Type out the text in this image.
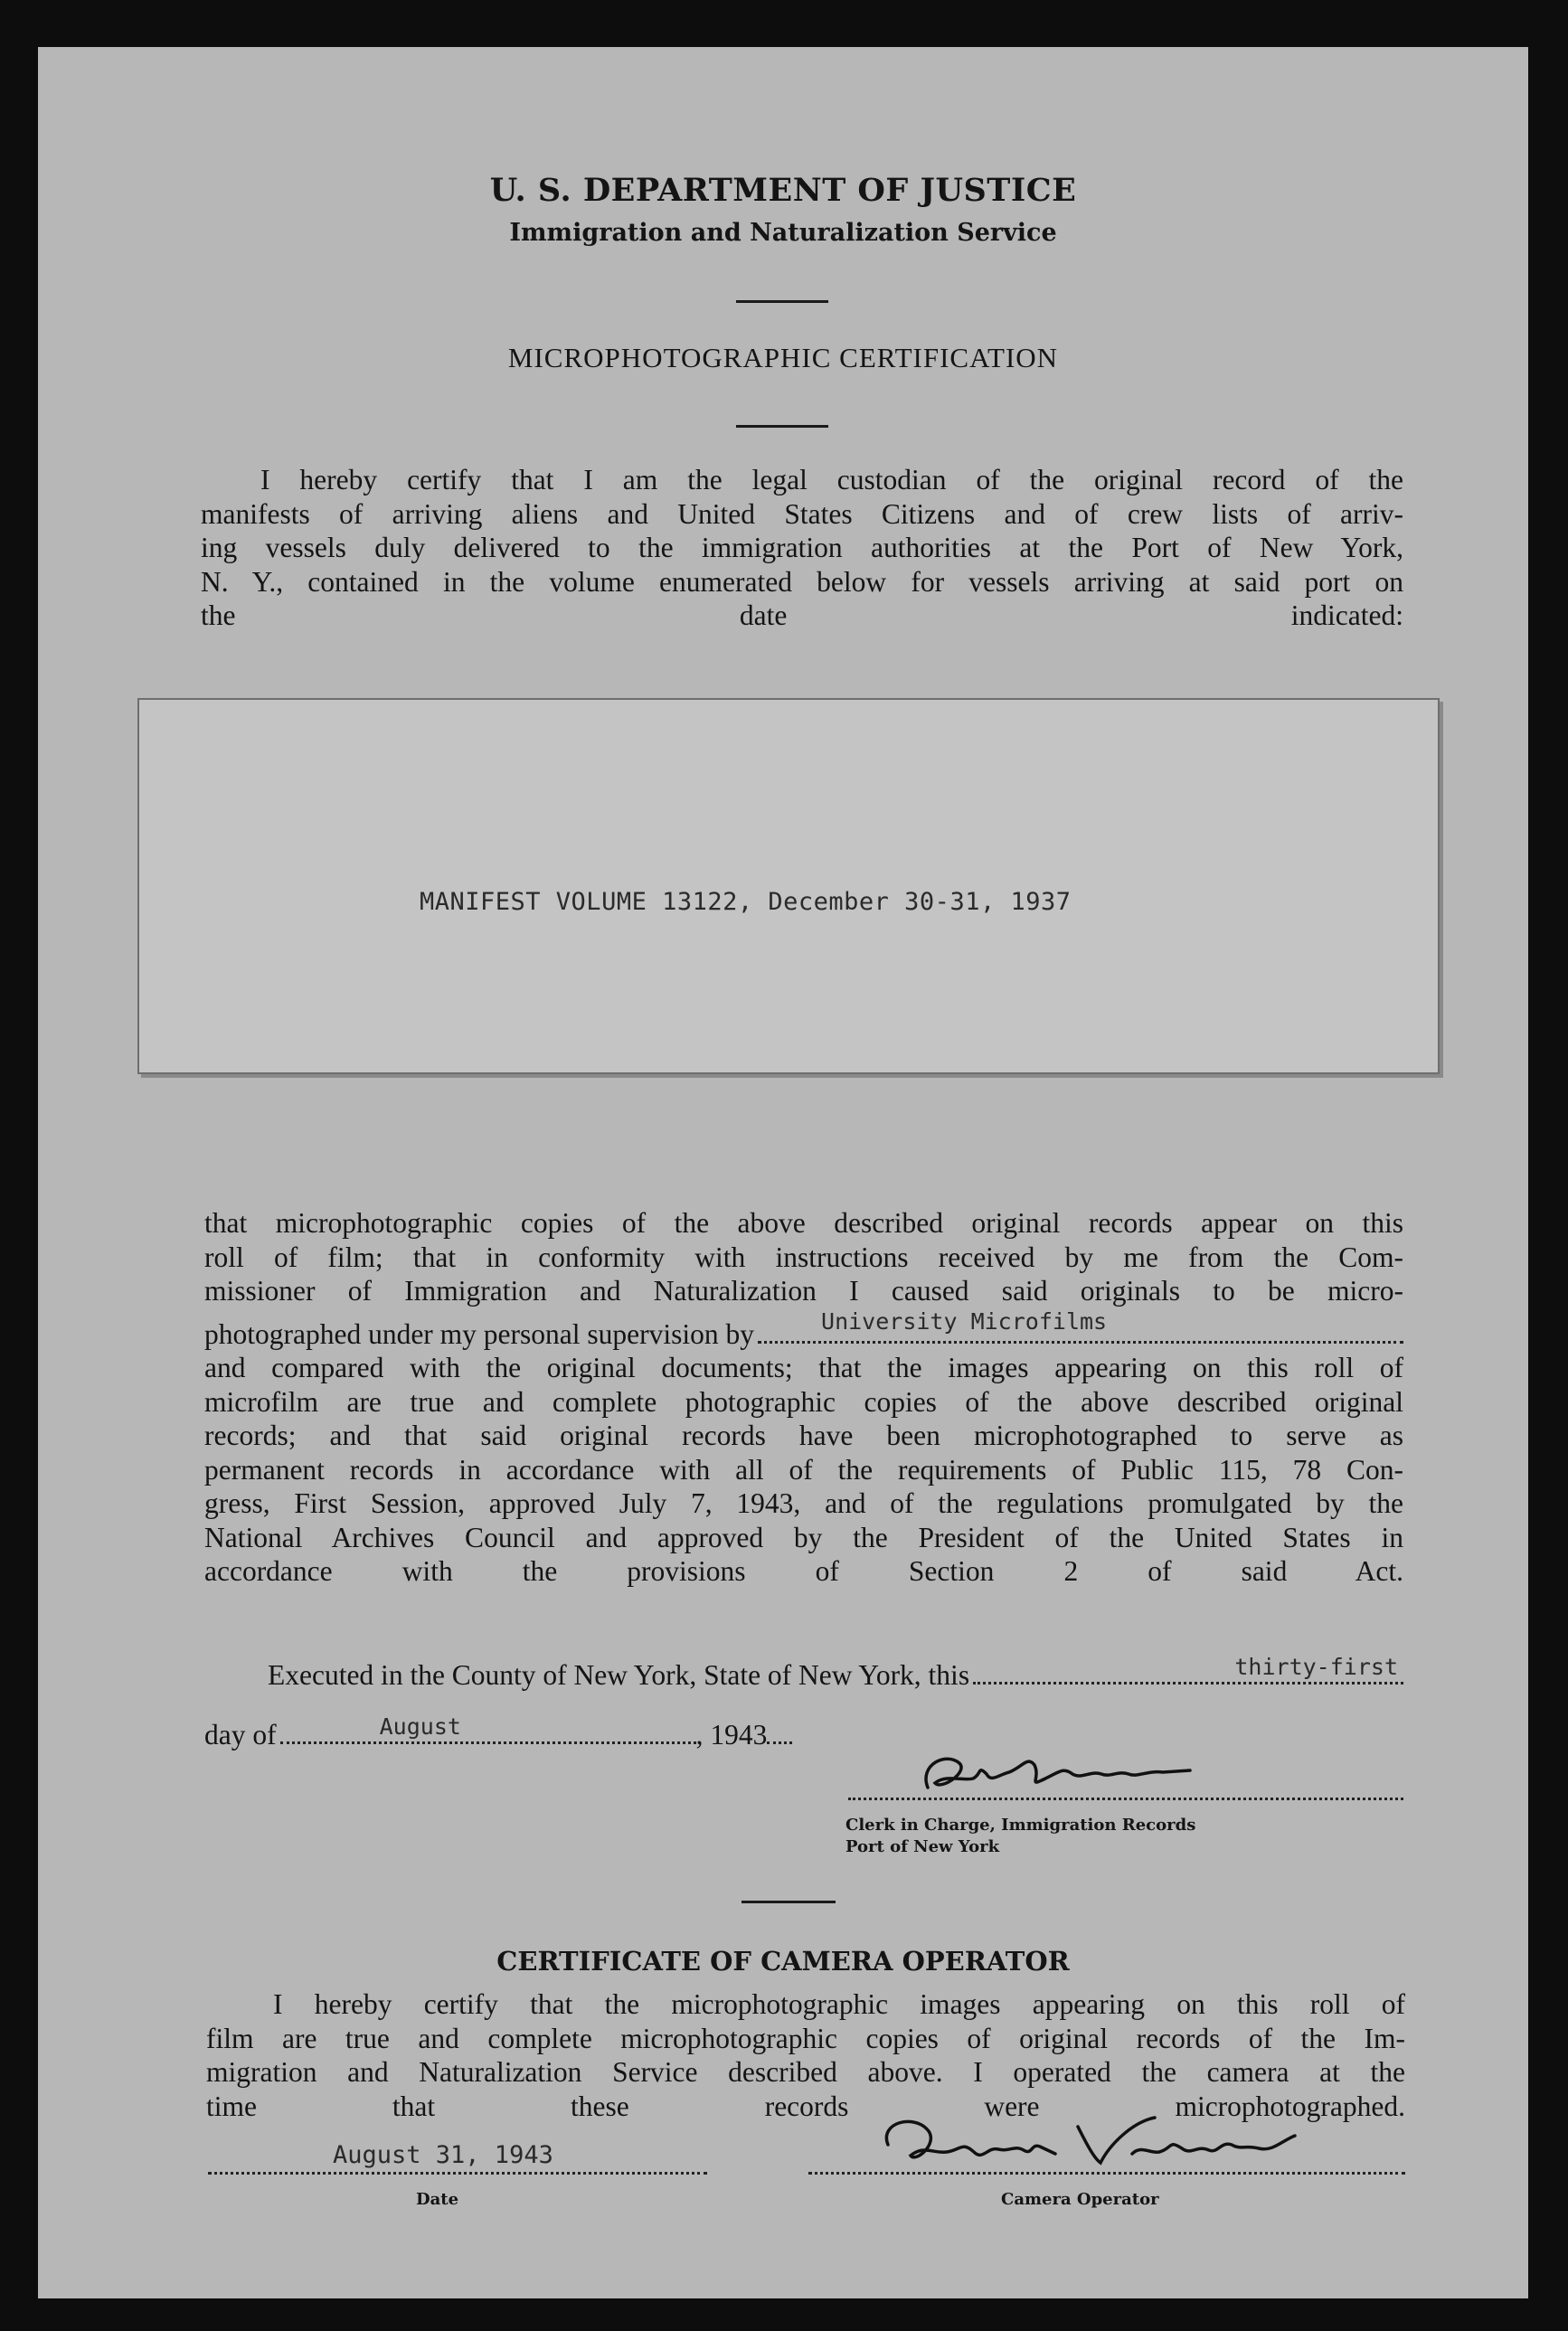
U. S. DEPARTMENT OF JUSTICE
Immigration and Naturalization Service
MICROPHOTOGRAPHIC CERTIFICATION
I hereby certify that I am the legal custodian of the original record of the
manifests of arriving aliens and United States Citizens and of crew lists of arriv-
ing vessels duly delivered to the immigration authorities at the Port of New York,
N. Y., contained in the volume enumerated below for vessels arriving at said port on
the date indicated:
MANIFEST VOLUME 13122, December 30-31, 1937
that microphotographic copies of the above described original records appear on this
roll of film; that in conformity with instructions received by me from the Com-
missioner of Immigration and Naturalization I caused said originals to be micro-
photographed under my personal supervision by	University Microfilms
and compared with the original documents; that the images appearing on this roll of
microfilm are true and complete photographic copies of the above described original
records; and that said original records have been microphotographed to serve as
permanent records in accordance with all of the requirements of Public 115, 78 Con-
gress, First Session, approved July 7, 1943, and of the regulations promulgated by the
National Archives Council and approved by the President of the United States in
accordance with the provisions of Section 2 of said Act.
Executed in the County of New York, State of New York, this	thirty-first
day of	August	, 1943
Clerk in Charge, Immigration Records
Port of New York
CERTIFICATE OF CAMERA OPERATOR
I hereby certify that the microphotographic images appearing on this roll of
film are true and complete microphotographic copies of original records of the Im-
migration and Naturalization Service described above. I operated the camera at the
time that these records were microphotographed.
August 31, 1943
Date	Camera Operator
